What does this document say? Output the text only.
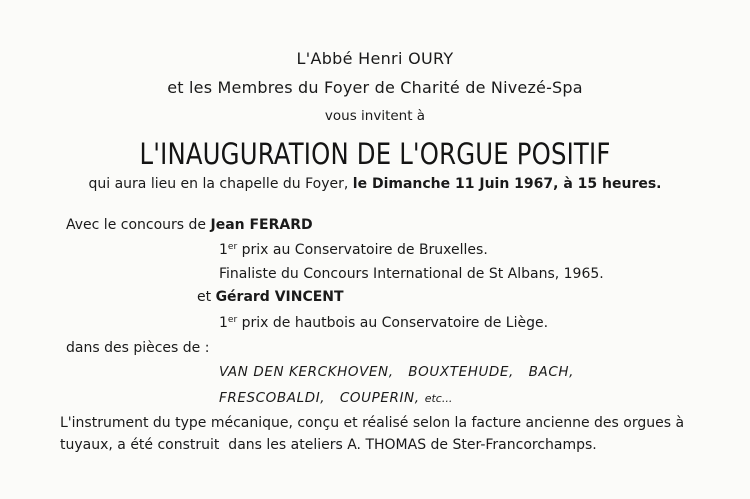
L'Abbé Henri OURY
et les Membres du Foyer de Charité de Nivezé-Spa
vous invitent à
L'INAUGURATION DE L'ORGUE POSITIF
qui aura lieu en la chapelle du Foyer, le Dimanche 11 Juin 1967, à 15 heures.
Avec le concours de Jean FERARD
1er prix au Conservatoire de Bruxelles.
Finaliste du Concours International de St Albans, 1965.
et Gérard VINCENT
1er prix de hautbois au Conservatoire de Liège.
dans des pièces de :
VAN DEN KERCKHOVEN,   BOUXTEHUDE,   BACH,
FRESCOBALDI,   COUPERIN, etc...
L'instrument du type mécanique, conçu et réalisé selon la facture ancienne des orgues à
tuyaux, a été construit  dans les ateliers A. THOMAS de Ster-Francorchamps.
